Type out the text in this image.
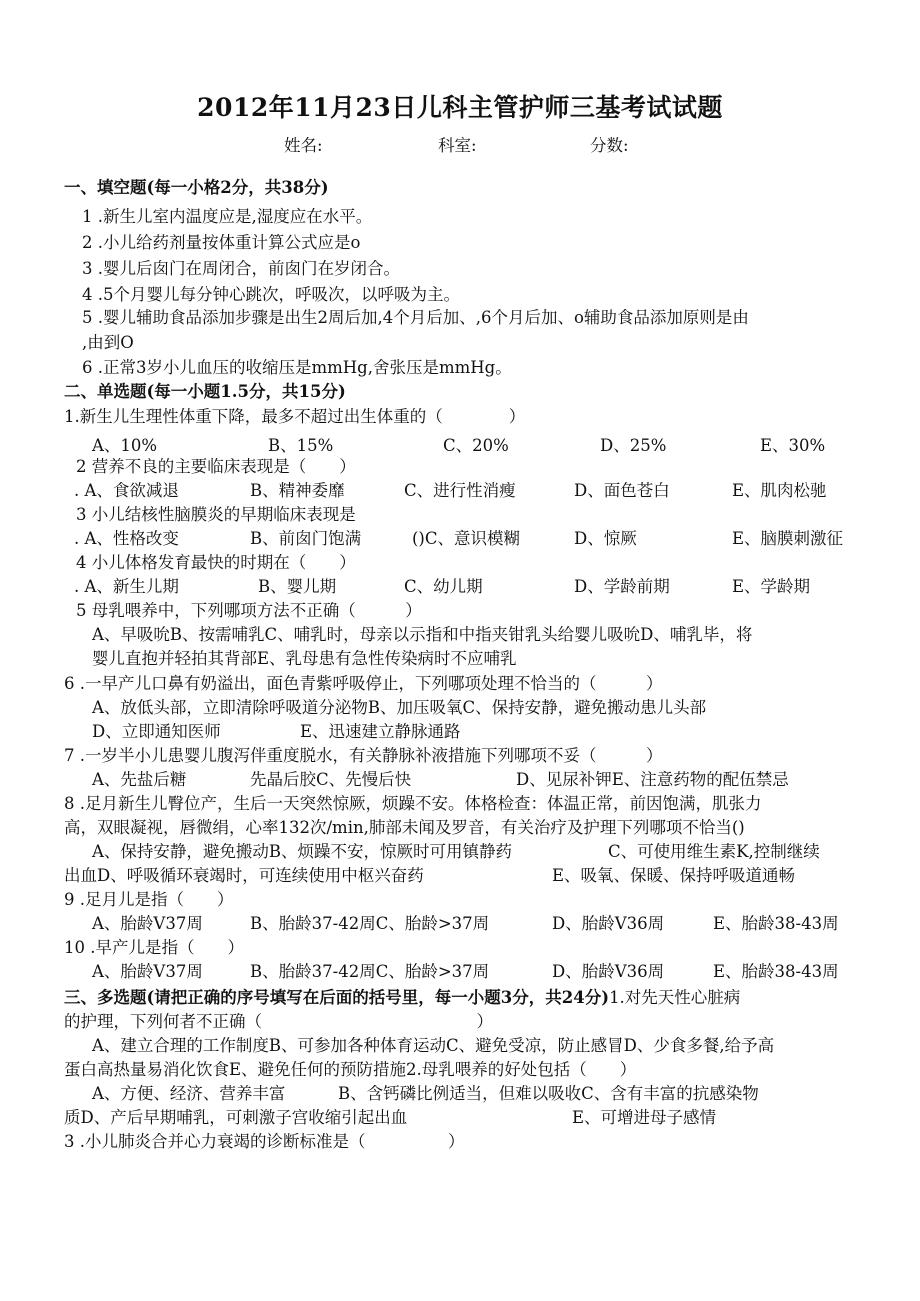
2012年11月23日儿科主管护师三基考试试题
姓名:	科室:	分数:
一、填空题(每一小格2分，共38分)
1 .新生儿室内温度应是,湿度应在水平。
2 .小儿给药剂量按体重计算公式应是o
3 .婴儿后囱门在周闭合，前囱门在岁闭合。
4 .5个月婴儿每分钟心跳次，呼吸次，以呼吸为主。
5 .婴儿辅助食品添加步骤是出生2周后加,4个月后加、,6个月后加、o辅助食品添加原则是由
,由到O
6 .正常3岁小儿血压的收缩压是mmHg,舍张压是mmHg。
二、单选题(每一小题1.5分，共15分)
1.新生儿生理性体重下降，最多不超过出生体重的（　　　　）
A、10%	B、15%	C、20%	D、25%	E、30%
2 营养不良的主要临床表现是（　　）
. A、食欲减退	B、精神委靡	C、进行性消瘦	D、面色苍白	E、肌肉松驰
3 小儿结核性脑膜炎的早期临床表现是
. A、性格改变	B、前囱门饱满	()C、意识模糊	D、惊厥	E、脑膜刺激征
4 小儿体格发育最快的时期在（　　）
. A、新生儿期	B、婴儿期	C、幼儿期	D、学龄前期	E、学龄期
5 母乳喂养中，下列哪项方法不正确（　　　）
A、早吸吮B、按需哺乳C、哺乳时，母亲以示指和中指夹钳乳头给婴儿吸吮D、哺乳毕，将
婴儿直抱并轻拍其背部E、乳母患有急性传染病时不应哺乳
6 .一早产儿口鼻有奶溢出，面色青紫呼吸停止，下列哪项处理不恰当的（　　　）
A、放低头部，立即清除呼吸道分泌物B、加压吸氧C、保持安静，避免搬动患儿头部
D、立即通知医师	E、迅速建立静脉通路
7 .一岁半小儿患婴儿腹泻伴重度脱水，有关静脉补液措施下列哪项不妥（　　　）
A、先盐后糖	先晶后胶C、先慢后快	D、见尿补钾E、注意药物的配伍禁忌
8 .足月新生儿臀位产，生后一天突然惊厥，烦躁不安。体格检查：体温正常，前因饱满，肌张力
高，双眼凝视，唇微绢，心率132次/min,肺部未闻及罗音，有关治疗及护理下列哪项不恰当()
A、保持安静，避免搬动B、烦躁不安，惊厥时可用镇静药	C、可使用维生素K,控制继续
出血D、呼吸循环衰竭时，可连续使用中枢兴奋药	E、吸氧、保暖、保持呼吸道通畅
9 .足月儿是指（　　）
A、胎龄V37周	B、胎龄37-42周C、胎龄>37周	D、胎龄V36周	E、胎龄38-43周
10 .早产儿是指（　　）
A、胎龄V37周	B、胎龄37-42周C、胎龄>37周	D、胎龄V36周	E、胎龄38-43周
三、多选题(请把正确的序号填写在后面的括号里，每一小题3分，共24分)1.对先天性心脏病
的护理，下列何者不正确（　　　　　　　　　　　　　）
A、建立合理的工作制度B、可参加各种体育运动C、避免受凉，防止感冒D、少食多餐,给予高
蛋白高热量易消化饮食E、避免任何的预防措施2.母乳喂养的好处包括（　　）
A、方便、经济、营养丰富	B、含钙磷比例适当，但难以吸收C、含有丰富的抗感染物
质D、产后早期哺乳，可刺激子宫收缩引起出血	E、可增进母子感情
3 .小儿肺炎合并心力衰竭的诊断标准是（　　　　　）
